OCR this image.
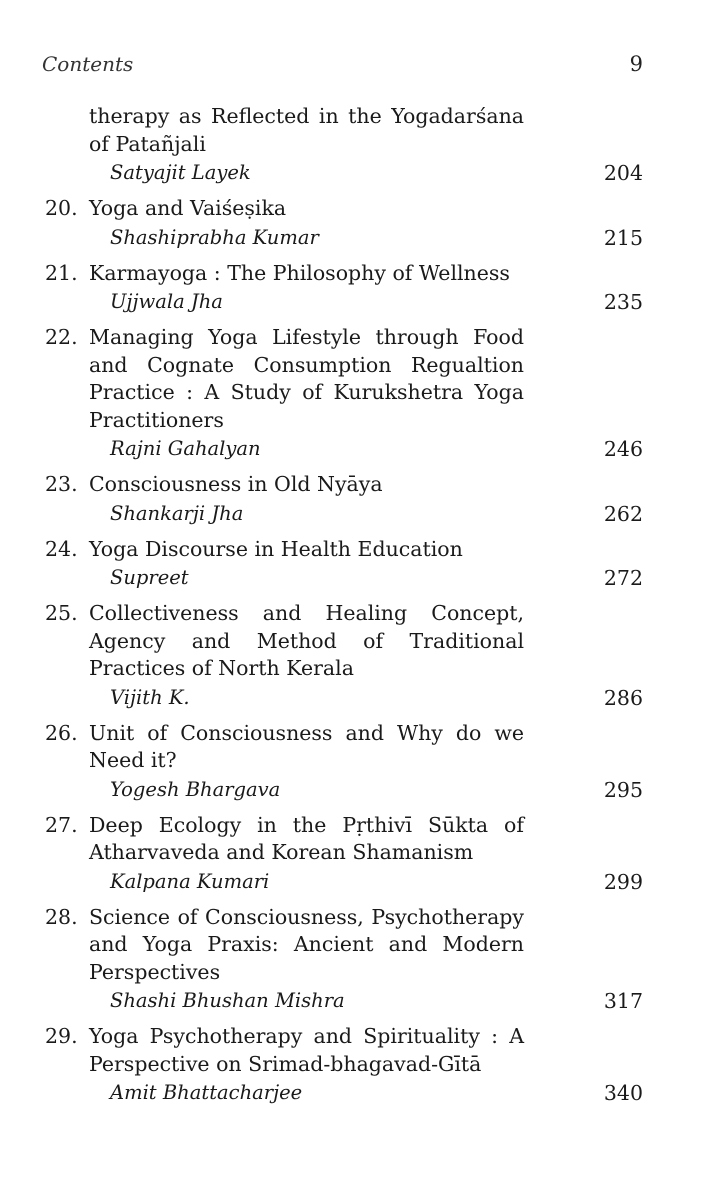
Contents	9
therapy as Reflected in the Yogadarśana of Patañjali
Satyajit Layek	204
20. Yoga and Vaiśeṣika
Shashiprabha Kumar	215
21. Karmayoga : The Philosophy of Wellness
Ujjwala Jha	235
22. Managing Yoga Lifestyle through Food and Cognate Consumption Regualtion Practice : A Study of Kurukshetra Yoga Practitioners
Rajni Gahalyan	246
23. Consciousness in Old Nyāya
Shankarji Jha	262
24. Yoga Discourse in Health Education
Supreet	272
25. Collectiveness and Healing Concept, Agency and Method of Traditional Practices of North Kerala
Vijith K.	286
26. Unit of Consciousness and Why do we Need it?
Yogesh Bhargava	295
27. Deep Ecology in the Pṛthivī Sūkta of Atharvaveda and Korean Shamanism
Kalpana Kumari	299
28. Science of Consciousness, Psychotherapy and Yoga Praxis: Ancient and Modern Perspectives
Shashi Bhushan Mishra	317
29. Yoga Psychotherapy and Spirituality : A Perspective on Srimad-bhagavad-Gītā
Amit Bhattacharjee	340
